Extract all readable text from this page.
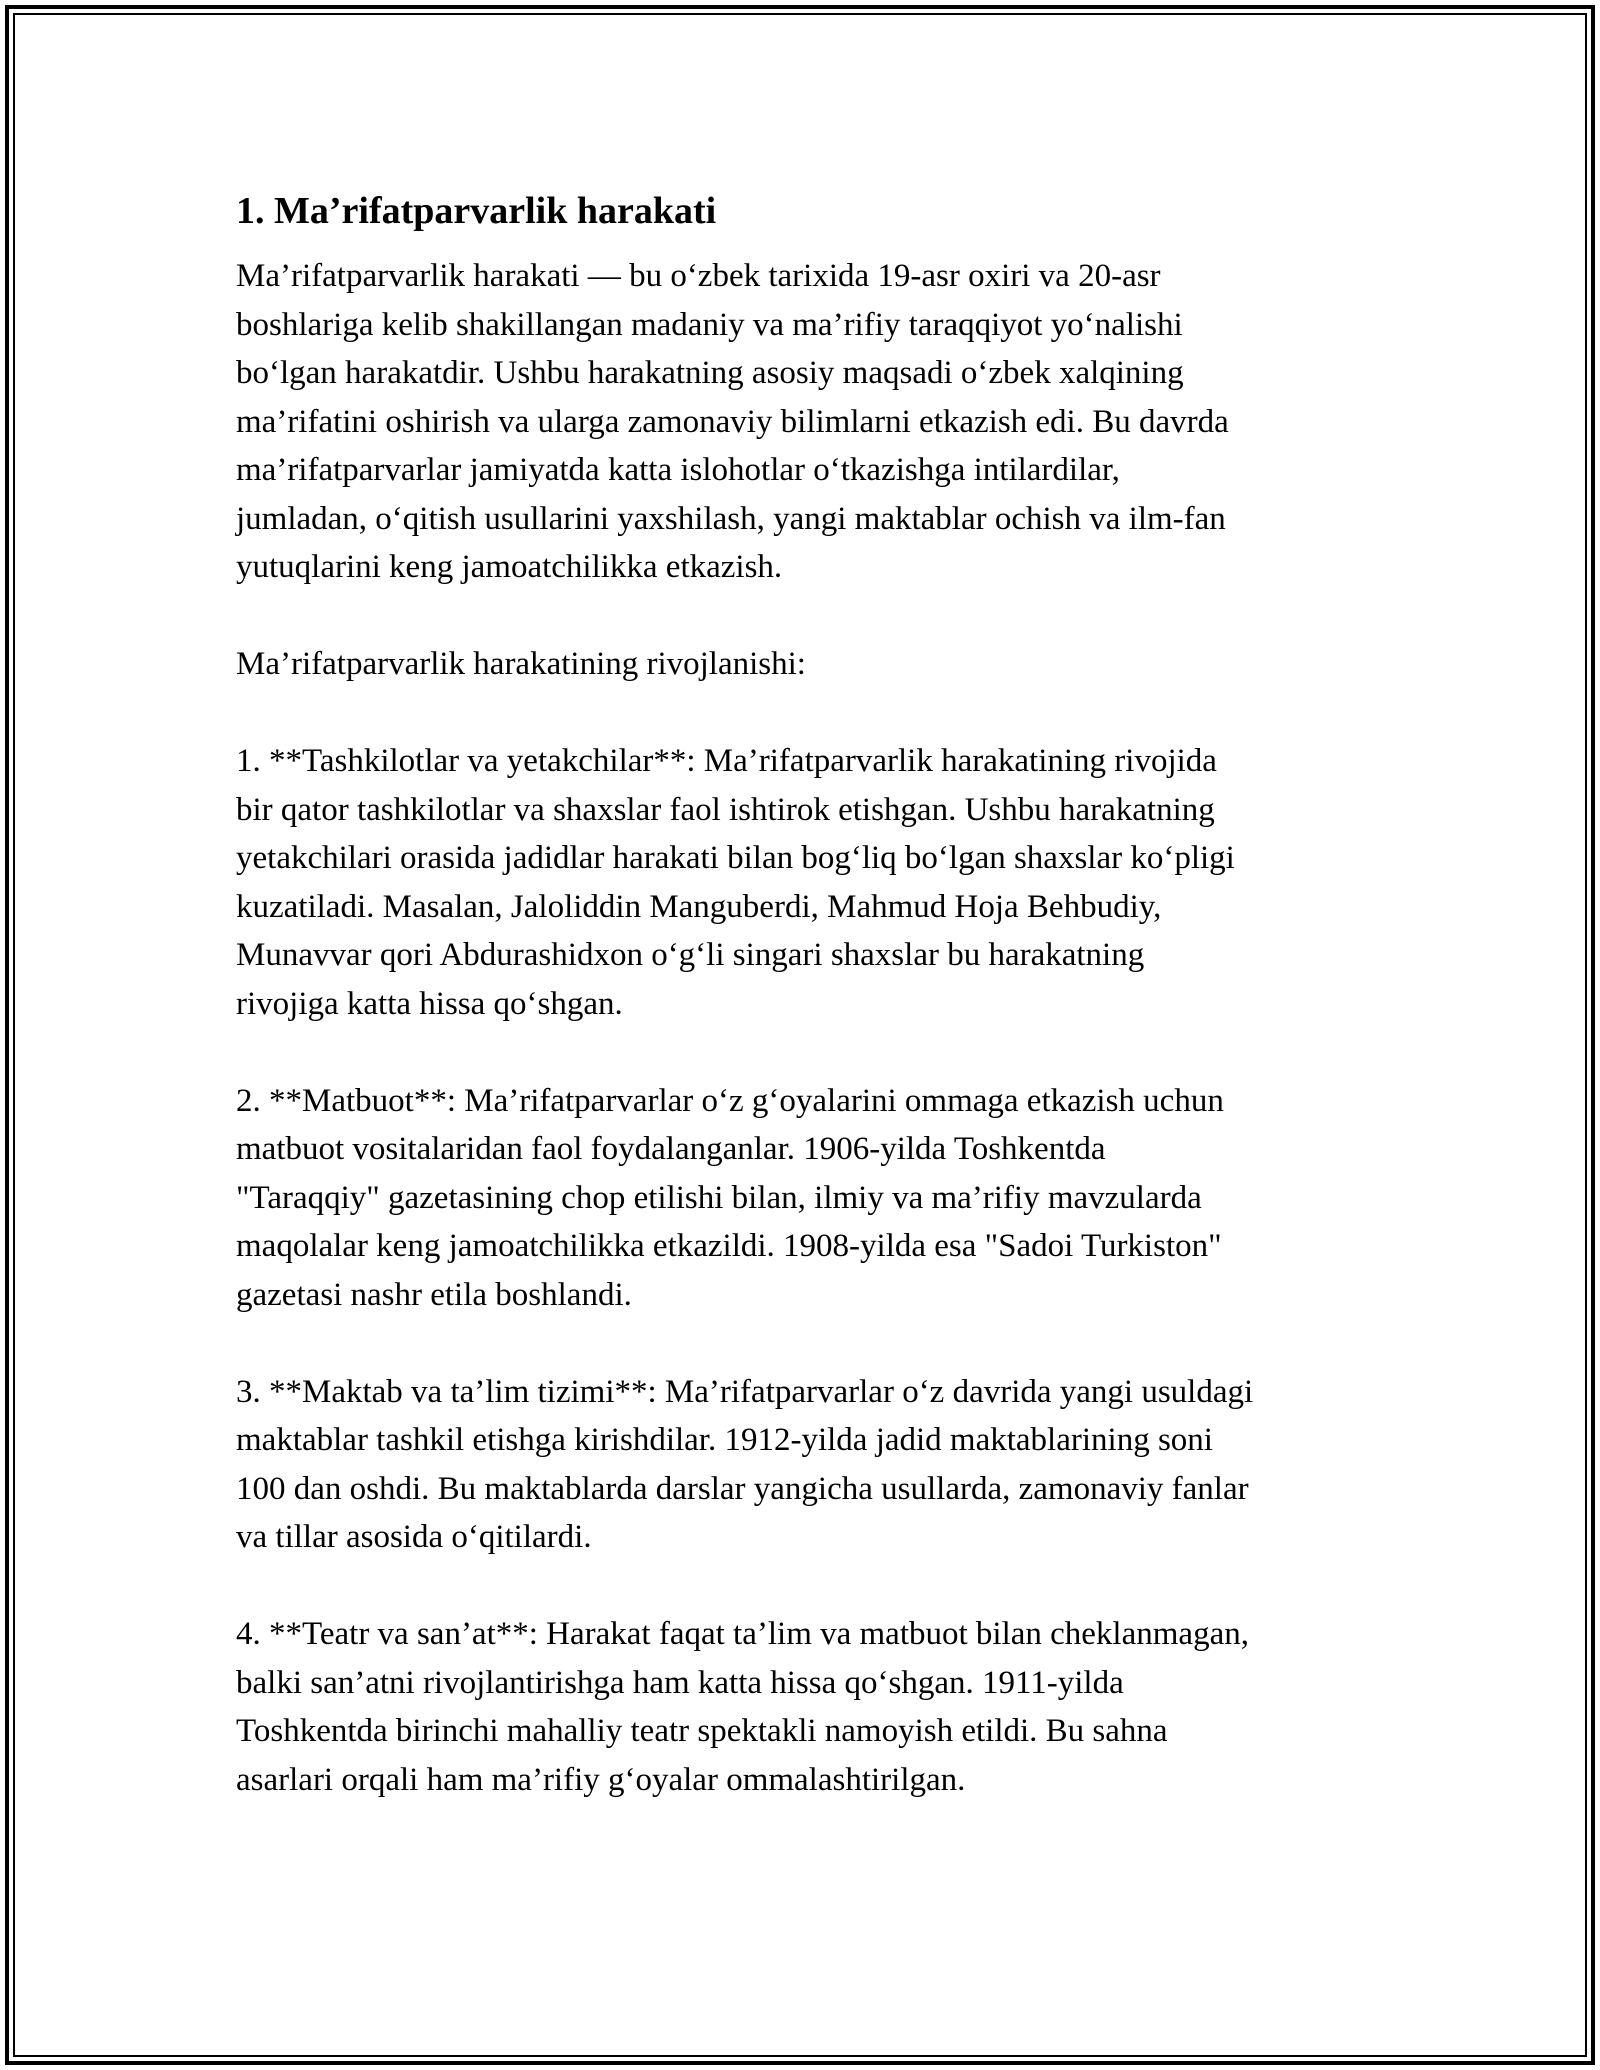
1. Ma’rifatparvarlik harakati

Ma’rifatparvarlik harakati — bu o‘zbek tarixida 19-asr oxiri va 20-asr
boshlariga kelib shakillangan madaniy va ma’rifiy taraqqiyot yo‘nalishi
bo‘lgan harakatdir. Ushbu harakatning asosiy maqsadi o‘zbek xalqining
ma’rifatini oshirish va ularga zamonaviy bilimlarni etkazish edi. Bu davrda
ma’rifatparvarlar jamiyatda katta islohotlar o‘tkazishga intilardilar,
jumladan, o‘qitish usullarini yaxshilash, yangi maktablar ochish va ilm-fan
yutuqlarini keng jamoatchilikka etkazish.

Ma’rifatparvarlik harakatining rivojlanishi:

1. **Tashkilotlar va yetakchilar**: Ma’rifatparvarlik harakatining rivojida
bir qator tashkilotlar va shaxslar faol ishtirok etishgan. Ushbu harakatning
yetakchilari orasida jadidlar harakati bilan bog‘liq bo‘lgan shaxslar ko‘pligi
kuzatiladi. Masalan, Jaloliddin Manguberdi, Mahmud Hoja Behbudiy,
Munavvar qori Abdurashidxon o‘g‘li singari shaxslar bu harakatning
rivojiga katta hissa qo‘shgan.

2. **Matbuot**: Ma’rifatparvarlar o‘z g‘oyalarini ommaga etkazish uchun
matbuot vositalaridan faol foydalanganlar. 1906-yilda Toshkentda
"Taraqqiy" gazetasining chop etilishi bilan, ilmiy va ma’rifiy mavzularda
maqolalar keng jamoatchilikka etkazildi. 1908-yilda esa "Sadoi Turkiston"
gazetasi nashr etila boshlandi.

3. **Maktab va ta’lim tizimi**: Ma’rifatparvarlar o‘z davrida yangi usuldagi
maktablar tashkil etishga kirishdilar. 1912-yilda jadid maktablarining soni
100 dan oshdi. Bu maktablarda darslar yangicha usullarda, zamonaviy fanlar
va tillar asosida o‘qitilardi.

4. **Teatr va san’at**: Harakat faqat ta’lim va matbuot bilan cheklanmagan,
balki san’atni rivojlantirishga ham katta hissa qo‘shgan. 1911-yilda
Toshkentda birinchi mahalliy teatr spektakli namoyish etildi. Bu sahna
asarlari orqali ham ma’rifiy g‘oyalar ommalashtirilgan.
